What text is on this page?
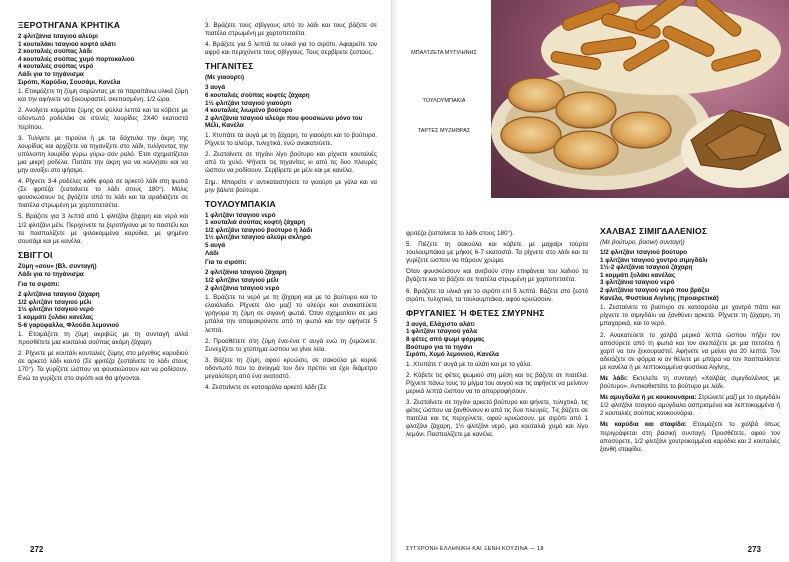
ΞΕΡΟΤΗΓΑΝΑ ΚΡΗΤΙΚΑ
2 φλιτζάνια τσαγιού αλεύρι
1 κουταλάκι τσαγιού κοφτό αλάτι
2 κουταλιές σούπας λάδι
4 κουταλιές σούπας χυμό πορτοκαλιού
4 κουταλιές σούπας νερό
Λάδι για το τηγάνισμα
Σιρόπι, Καρύδια, Σουσάμι, Κανέλα

1. Ετοιμάζετε τη ζύμη σαρώντας με τα παραπάνω υλικά ζύμη και την αφήνετε να ξεκουραστεί, σκεπασμένη, 1/2 ώρα.

2. Ανοίγετε κομμάτια ζύμης σε φύλλα λεπτά και τα κόβετε με οδοντωτό ροδελάκι σε στενές λουρίδες 2Χ40 εκατοστά περίπου.

3. Τυλίγετε με πιρούνι ή με τα δάχτυλα την άκρη της λουρίδας και αρχίζετε να τηγανίζετε στο λάδι, τυλίγοντας την υπόλοιπη λουρίδα γύρω γύρω σαν ρολό. Έτσι σχηματίζεται μια μικρή ροδέλα. Πατάτε την άκρη για να κολλήσει και να μην ανοίξει στο ψήσιμο.

4. Ρίχνετε 3-4 ροδέλες κάθε φορά σε αρκετό λάδι στη φωτιά (Σε φριτέζα ζεσταίνετε το λάδι στους 180°). Μόλις φουσκώσουν τις βγάζετε από το λάδι και τα αραδιάζετε σε πιατέλα στρωμένη με χαρτοπετσέτα.

5. Βράζετε για 3 λεπτά από 1 φλιτζάνι ζάχαρη και νερό και 1/2 φλιτζάνι μέλι. Περιχύνετε τα ξεροτήγανα με το παστέλι και τα πασπαλίζετε με ψιλοκομμένα καρύδια, με ψημένο σουσάμι και με κανέλα.

ΣΒΙΓΓΟΙ
Ζύμη «σου» (Βλ. συνταγή)
Λάδι για το τηγάνισμα
Για το σιρόπι:
2 φλιτζάνια τσαγιού ζάχαρη
1/2 φλιτζάνι τσαγιού μέλι
1½ φλιτζάνι τσαγιού νερό
1 κομμάτι ξυλάκι κανέλας
5-6 γαρύφαλλα, Φλούδα λεμονιού

1. Ετοιμάζετε τη ζύμη ακριβώς με τη συνταγή αλλά προσθέτετε μια κουταλιά σούπας ακόμη ζάχαρη.

2. Ρίχνετε με κουτάλι κουταλιές ζύμης στο μέγεθος καρυδιού σε αρκετό λάδι καυτό (Σε φριτέζα ζεσταίνετε το λάδι στους 170°). Τα γυρίζετε ώσπου να φουσκώσουν και να ροδίσουν. Ενώ τα γυρίζετε στο σιρόπι και θα ψήνονται.

3. Βράζετε τους σβίγγους από το λάδι και τους βάζετε σε πιατέλα στρωμένη με χαρτοπετσέτα.

4. Βράζετε για 5 λεπτά τα υλικά για το σιρόπι. Αφαιρείτε τον αφρό και περιχύνετε τους σβίγγους. Τους σερβίρετε ζεστούς.

ΤΗΓΑΝΙΤΕΣ
(Με γιαούρτι)
3 αυγά
6 κουταλιές σούπας κοφτές ζάχαρη
1½ φλιτζάνι τσαγιού γιαούρτι
4 κουταλιές λιωμένο βούτυρο
2 φλιτζάνια τσαγιού αλεύρι που φουσκώνει μόνο του
Μέλι, Κανέλα

1. Χτυπάτε τα αυγά με τη ζάχαρη, το γιαούρτι και το βούτυρο. Ρίχνετε το αλεύρι, τυλιχτικά, ενώ ανακατεύετε.

2. Ζεσταίνετε σε τηγάνι λίγο βούτυρο και ρίχνετε κουταλιές από το χυλό. Ψήνετε τις τηγανίτες κι από τις δυο πλευρές ώσπου να ροδίσουν. Σερβίρετε με μέλι και με κανέλα.

Σημ.: Μπορείτε ν' αντικαταστήσετε το γιαούρτι με γάλα και να μην βάλετε βούτυρο.

ΤΟΥΛΟΥΜΠΑΚΙΑ
1 φλιτζάνι τσαγιού νερό
1 κουταλιά σούπας κοφτή ζάχαρη
1/2 φλιτζάνι τσαγιού βούτυρο ή λάδι
1½ φλιτζάνι τσαγιού αλεύρι σκληρό
5 αυγά
Λάδι
Για το σιρόπι:
2 φλιτζάνια τσαγιού ζάχαρη
1/2 φλιτζάνι τσαγιού μέλι
2 φλιτζάνια τσαγιού νερό

1. Βράζετε το νερό με τη ζάχαρη και με το βούτυρο και το ελαιόλαδο. Ρίχνετε όλο μαζί το αλεύρι και ανακατεύετε γρήγορα τη ζύμη σε σιγανή φωτιά. Όταν σχηματίσει σε μια μπάλα την απομακρύνετε από τη φωτιά και την αφήνετε 5 λεπτά.

2. Προσθέτετε στη ζύμη ένα-ένα τ' αυγά ενώ τη ζυμώνετε. Συνεχίζετε το χτύπημα ώσπου να γίνει λεία.

3. Βάζετε τη ζύμη, αφού κρυώσει, σε σακούλα με κορνέ οδοντωτό που το άνοιγμά του δεν πρέπει να έχει διάμετρο μεγαλύτερη από ένα εκατοστό.

4. Ζεσταίνετε σε κατσαρόλα αρκετό λάδι (Σε

272
ΜΠΑΛΤΖΕΤΑ ΜΥΤΙΛΗΝΗΣ
ΤΟΥΛΟΥΜΠΑΚΙΑ
ΤΑΡΤΕΣ ΜΥΖΗΘΡΑΣ

φριτέζα ζεσταίνετε το λάδι στους 180°).

5. Πιέζετε τη σακούλα και κόβετε με μαχαίρι τούρτα τουλουμπάκια με μήκος 6-7 εκατοστά. Τα ρίχνετε στο λάδι και τα γυρίζετε ώσπου να πάρουν χρώμα.

Όταν φουσκώσουν και ανεβούν στην επιφάνεια του λαδιού τα βγάζετε και τα βάζετε σε πιατέλα στρωμένη με χαρτοπετσέτα.

6. Βράζετε τα υλικά για το σιρόπι επί 5 λεπτά. Βάζετε στο ζεστό σιρόπι, τυλιχτικά, τα τουλουμπάκια, αφού κρυώσουν.

ΦΡΥΓΑΝΙΕΣ Ή ΦΕΤΕΣ ΣΜΥΡΝΗΣ
3 αυγά, Ελάχιστο αλάτι
1 φλιτζάνι τσαγιού γάλα
8 φέτες από ψωμί φόρμας
Βούτυρο για το τηγάνι
Σιρόπι, Χυμό λεμονιού, Κανέλα

1. Χτυπάτε τ' αυγά με το αλάτι και με το γάλα.

2. Κόβετε τις φέτες ψωμιού στη μέση και τις βάζετε σε πιατέλα. Ρίχνετε πάνω τους το μίγμα του αυγού και τις αφήνετε να μείνουν μερικά λεπτά ώσπου να το απορροφήσουν.

3. Ζεσταίνετε σε τηγάνι αρκετό βούτυρο και ψήνετε, τυλιχτικά, τις φέτες ώσπου να ξανθύνουν κι από τις δυο πλευρές. Τις βάζετε σε πιατέλα και τις περιχύνετε, αφού κρυώσουν, με σιρόπι από 1 φλιτζάνι ζάχαρη, 1½ φλιτζάνι νερό, μια κουταλιά χυμό και λίγο λεμόνι. Πασπαλίζετε με κανέλα.

ΧΑΛΒΑΣ ΣΙΜΙΓΔΑΛΕΝΙΟΣ
(Με βούτυρο, βασική συνταγή)
1/2 φλιτζάνι τσαγιού βούτυρο
1 φλιτζάνι τσαγιού χοντρό σιμιγδάλι
1½-2 φλιτζάνια τσαγιού ζάχαρη
1 κομμάτι ξυλάκι κανέλας
3 φλιτζάνια τσαγιού νερό
2 φλιτζάνια τσαγιού νερό που βράζει
Κανέλα, Φυστίκια Αιγίνης (προαιρετικά)

1. Ζεσταίνετε το βούτυρο σε κατσαρόλα με χοντρό πάτο και ρίχνετε το σιμιγδάλι να ξανθύνει αρκετά. Ρίχνετε τη ζάχαρη, τη μπαχαρικά, και το νερό.

2. Ανακατεύετε το χαλβά μερικά λεπτά ώσπου πήξει τον αποσύρετε από τη φωτιά και τον σκεπάζετε με μια πετσέτα ή χαρτί να τον ξεκουραστεί. Αφήνετε να μείνει για 20 λεπτά. Τον αδειάζετε σε φόρμα κι αν θέλετε με μπάρα να τον πασπαλίσετε με κανέλα ή με λεπτοκομμένα φυστίκια Αιγίνης.

Με λάδι: Εκτελείτε τη συνταγή «Χαλβάς σιμιγδαλένιος με βούτυρο». Αντικαθιστάτε το βούτυρο με λάδι.

Με αμυγδαλα ή με κουκουνάρια: Στρώνετε μαζί με το σιμιγδάλι 1/2 φλιτζάνι τσαγιού αμύγδαλα ασπρισμένα και λεπτοκομμένα ή 2 κουταλιές σούπας κουκουνάρια.

Με καρύδια και σταφίδα: Ετοιμάζετε το χαλβά όπως περιγράφεται στη βασική συνταγή. Προσθέτετε, αφού τον αποσύρετε, 1/2 φλιτζάνι χοντροκομμένα καρύδια και 2 κουταλιές ξανθή σταφίδα.

ΣΥΓΧΡΟΝΗ ΕΛΛΗΝΙΚΗ ΚΑΙ ΞΕΝΗ ΚΟΥΖΙΝΑ — 18	273
